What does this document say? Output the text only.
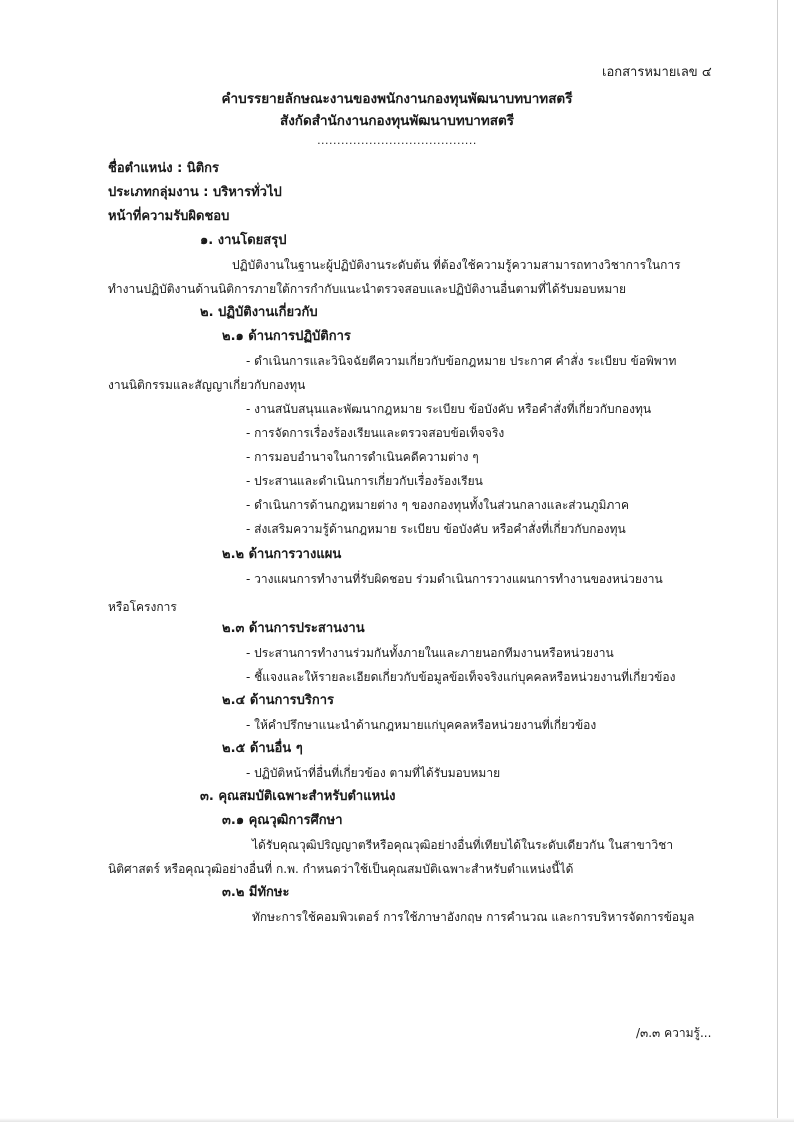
เอกสารหมายเลข ๔
คำบรรยายลักษณะงานของพนักงานกองทุนพัฒนาบทบาทสตรี
สังกัดสำนักงานกองทุนพัฒนาบทบาทสตรี
........................................
ชื่อตำแหน่ง : นิติกร
ประเภทกลุ่มงาน : บริหารทั่วไป
หน้าที่ความรับผิดชอบ
๑. งานโดยสรุป
ปฏิบัติงานในฐานะผู้ปฏิบัติงานระดับต้น ที่ต้องใช้ความรู้ความสามารถทางวิชาการในการ
ทำงานปฏิบัติงานด้านนิติการภายใต้การกำกับแนะนำตรวจสอบและปฏิบัติงานอื่นตามที่ได้รับมอบหมาย
๒. ปฏิบัติงานเกี่ยวกับ
๒.๑ ด้านการปฏิบัติการ
- ดำเนินการและวินิจฉัยตีความเกี่ยวกับข้อกฎหมาย ประกาศ คำสั่ง ระเบียบ ข้อพิพาท
งานนิติกรรมและสัญญาเกี่ยวกับกองทุน
- งานสนับสนุนและพัฒนากฎหมาย ระเบียบ ข้อบังคับ หรือคำสั่งที่เกี่ยวกับกองทุน
- การจัดการเรื่องร้องเรียนและตรวจสอบข้อเท็จจริง
- การมอบอำนาจในการดำเนินคดีความต่าง ๆ
- ประสานและดำเนินการเกี่ยวกับเรื่องร้องเรียน
- ดำเนินการด้านกฎหมายต่าง ๆ ของกองทุนทั้งในส่วนกลางและส่วนภูมิภาค
- ส่งเสริมความรู้ด้านกฎหมาย ระเบียบ ข้อบังคับ หรือคำสั่งที่เกี่ยวกับกองทุน
๒.๒ ด้านการวางแผน
- วางแผนการทำงานที่รับผิดชอบ ร่วมดำเนินการวางแผนการทำงานของหน่วยงาน
หรือโครงการ
๒.๓ ด้านการประสานงาน
- ประสานการทำงานร่วมกันทั้งภายในและภายนอกทีมงานหรือหน่วยงาน
- ชี้แจงและให้รายละเอียดเกี่ยวกับข้อมูลข้อเท็จจริงแก่บุคคลหรือหน่วยงานที่เกี่ยวข้อง
๒.๔ ด้านการบริการ
- ให้คำปรึกษาแนะนำด้านกฎหมายแก่บุคคลหรือหน่วยงานที่เกี่ยวข้อง
๒.๕ ด้านอื่น ๆ
- ปฏิบัติหน้าที่อื่นที่เกี่ยวข้อง ตามที่ได้รับมอบหมาย
๓. คุณสมบัติเฉพาะสำหรับตำแหน่ง
๓.๑ คุณวุฒิการศึกษา
ได้รับคุณวุฒิปริญญาตรีหรือคุณวุฒิอย่างอื่นที่เทียบได้ในระดับเดียวกัน ในสาขาวิชา
นิติศาสตร์ หรือคุณวุฒิอย่างอื่นที่ ก.พ. กำหนดว่าใช้เป็นคุณสมบัติเฉพาะสำหรับตำแหน่งนี้ได้
๓.๒ มีทักษะ
ทักษะการใช้คอมพิวเตอร์ การใช้ภาษาอังกฤษ การคำนวณ และการบริหารจัดการข้อมูล
/๓.๓ ความรู้...
